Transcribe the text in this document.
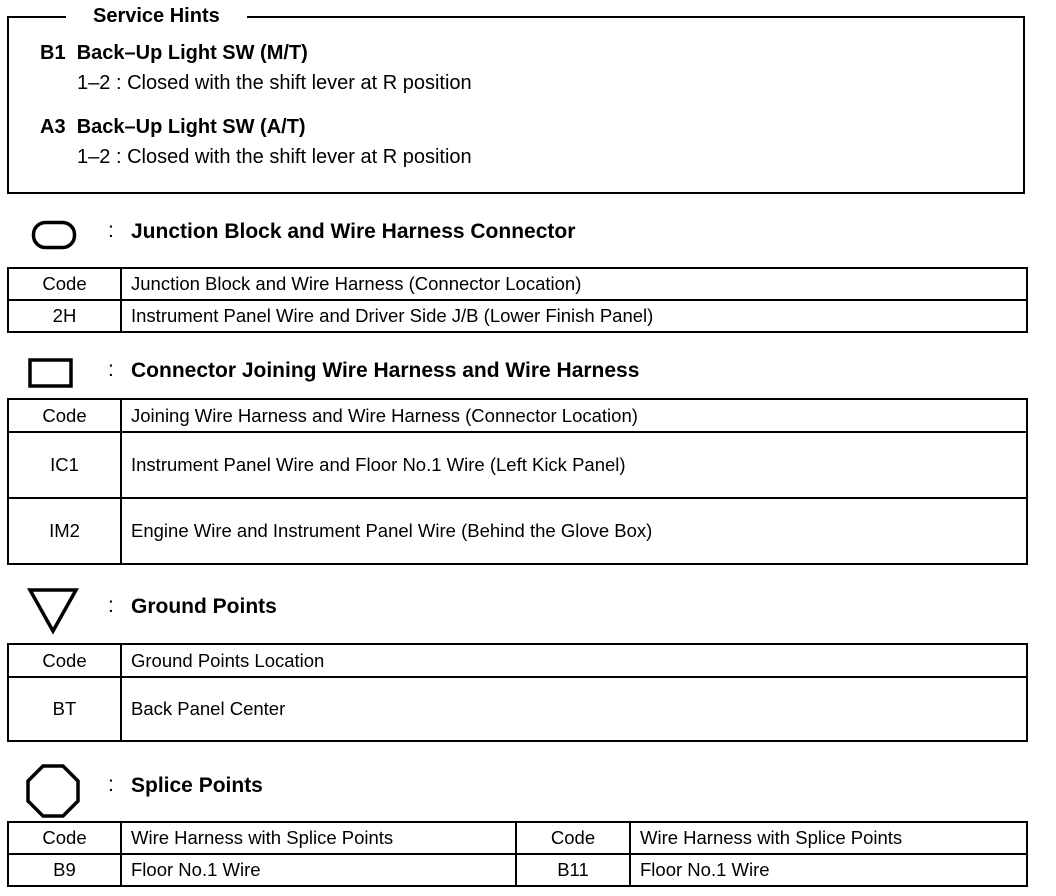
Service Hints
B1 Back–Up Light SW (M/T)
1–2 : Closed with the shift lever at R position
A3 Back–Up Light SW (A/T)
1–2 : Closed with the shift lever at R position
: Junction Block and Wire Harness Connector
Code	Junction Block and Wire Harness (Connector Location)
2H	Instrument Panel Wire and Driver Side J/B (Lower Finish Panel)
: Connector Joining Wire Harness and Wire Harness
Code	Joining Wire Harness and Wire Harness (Connector Location)
IC1	Instrument Panel Wire and Floor No.1 Wire (Left Kick Panel)
IM2	Engine Wire and Instrument Panel Wire (Behind the Glove Box)
: Ground Points
Code	Ground Points Location
BT	Back Panel Center
: Splice Points
Code	Wire Harness with Splice Points	Code	Wire Harness with Splice Points
B9	Floor No.1 Wire	B11	Floor No.1 Wire
